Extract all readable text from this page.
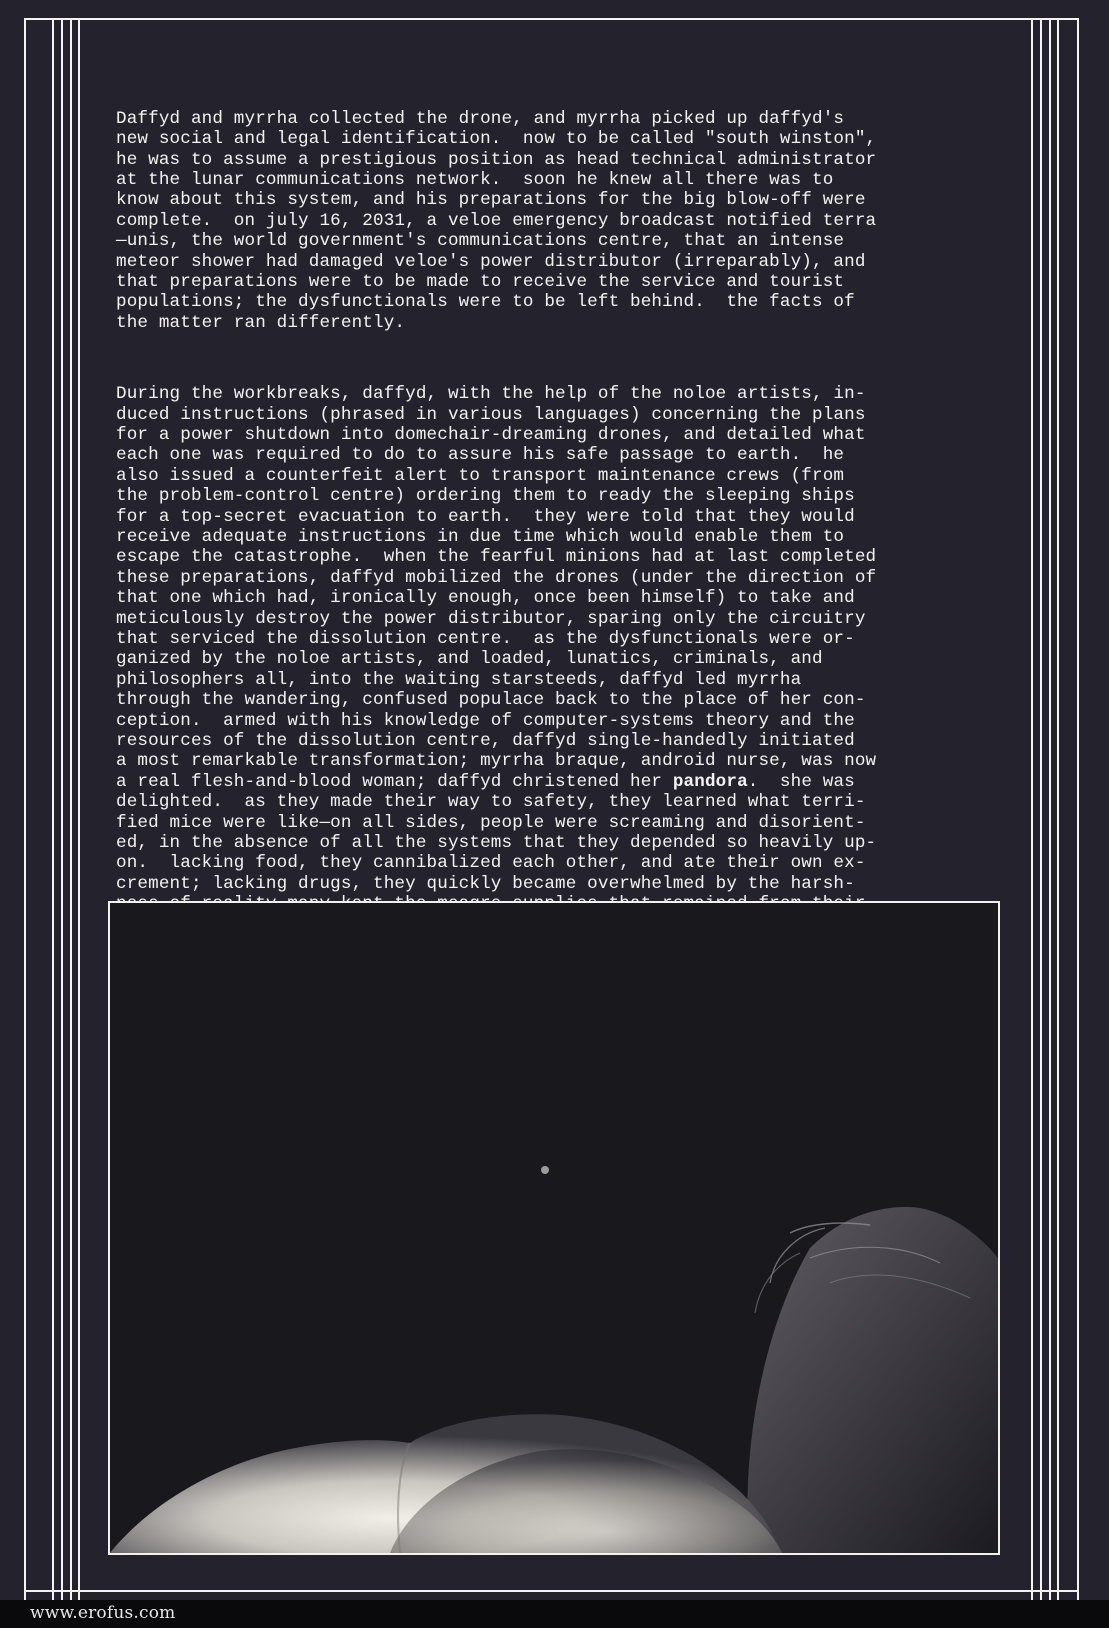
Daffyd and myrrha collected the drone, and myrrha picked up daffyd's
new social and legal identification.  now to be called "south winston",
he was to assume a prestigious position as head technical administrator
at the lunar communications network.  soon he knew all there was to
know about this system, and his preparations for the big blow-off were
complete.  on july 16, 2031, a veloe emergency broadcast notified terra
—unis, the world government's communications centre, that an intense
meteor shower had damaged veloe's power distributor (irreparably), and
that preparations were to be made to receive the service and tourist
populations; the dysfunctionals were to be left behind.  the facts of
the matter ran differently.

During the workbreaks, daffyd, with the help of the noloe artists, in-
duced instructions (phrased in various languages) concerning the plans
for a power shutdown into domechair-dreaming drones, and detailed what
each one was required to do to assure his safe passage to earth.  he
also issued a counterfeit alert to transport maintenance crews (from
the problem-control centre) ordering them to ready the sleeping ships
for a top-secret evacuation to earth.  they were told that they would
receive adequate instructions in due time which would enable them to
escape the catastrophe.  when the fearful minions had at last completed
these preparations, daffyd mobilized the drones (under the direction of
that one which had, ironically enough, once been himself) to take and
meticulously destroy the power distributor, sparing only the circuitry
that serviced the dissolution centre.  as the dysfunctionals were or-
ganized by the noloe artists, and loaded, lunatics, criminals, and
philosophers all, into the waiting starsteeds, daffyd led myrrha
through the wandering, confused populace back to the place of her con-
ception.  armed with his knowledge of computer-systems theory and the
resources of the dissolution centre, daffyd single-handedly initiated
a most remarkable transformation; myrrha braque, android nurse, was now
a real flesh-and-blood woman; daffyd christened her pandora.  she was
delighted.  as they made their way to safety, they learned what terri-
fied mice were like—on all sides, people were screaming and disorient-
ed, in the absence of all the systems that they depended so heavily up-
on.  lacking food, they cannibalized each other, and ate their own ex-
crement; lacking drugs, they quickly became overwhelmed by the harsh-

www.erofus.com
